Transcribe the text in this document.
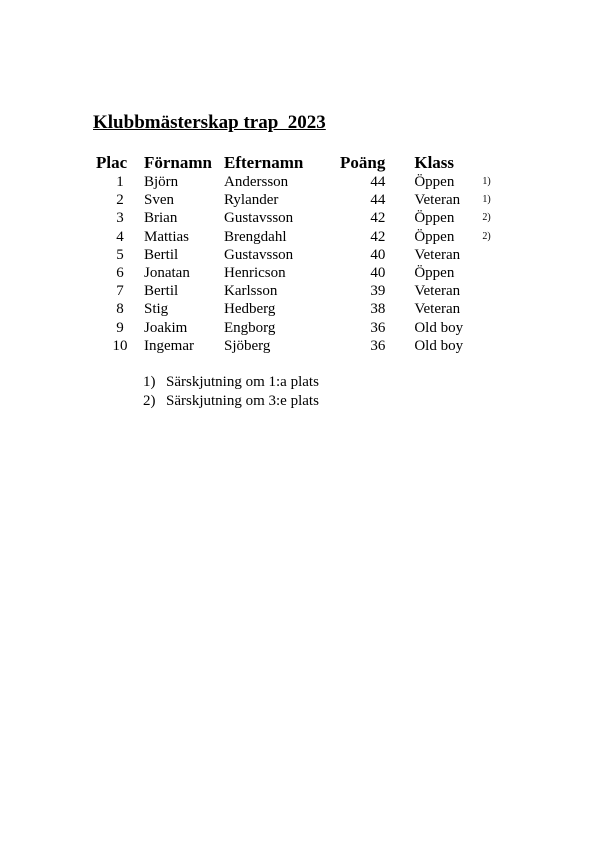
Klubbmästerskap trap  2023
Plac	Förnamn	Efternamn	Poäng		Klass	
1	Björn	Andersson	44		Öppen	1)
2	Sven	Rylander	44		Veteran	1)
3	Brian	Gustavsson	42		Öppen	2)
4	Mattias	Brengdahl	42		Öppen	2)
5	Bertil	Gustavsson	40		Veteran	
6	Jonatan	Henricson	40		Öppen	
7	Bertil	Karlsson	39		Veteran	
8	Stig	Hedberg	38		Veteran	
9	Joakim	Engborg	36		Old boy	
10	Ingemar	Sjöberg	36		Old boy	
1) Särskjutning om 1:a plats
2) Särskjutning om 3:e plats
